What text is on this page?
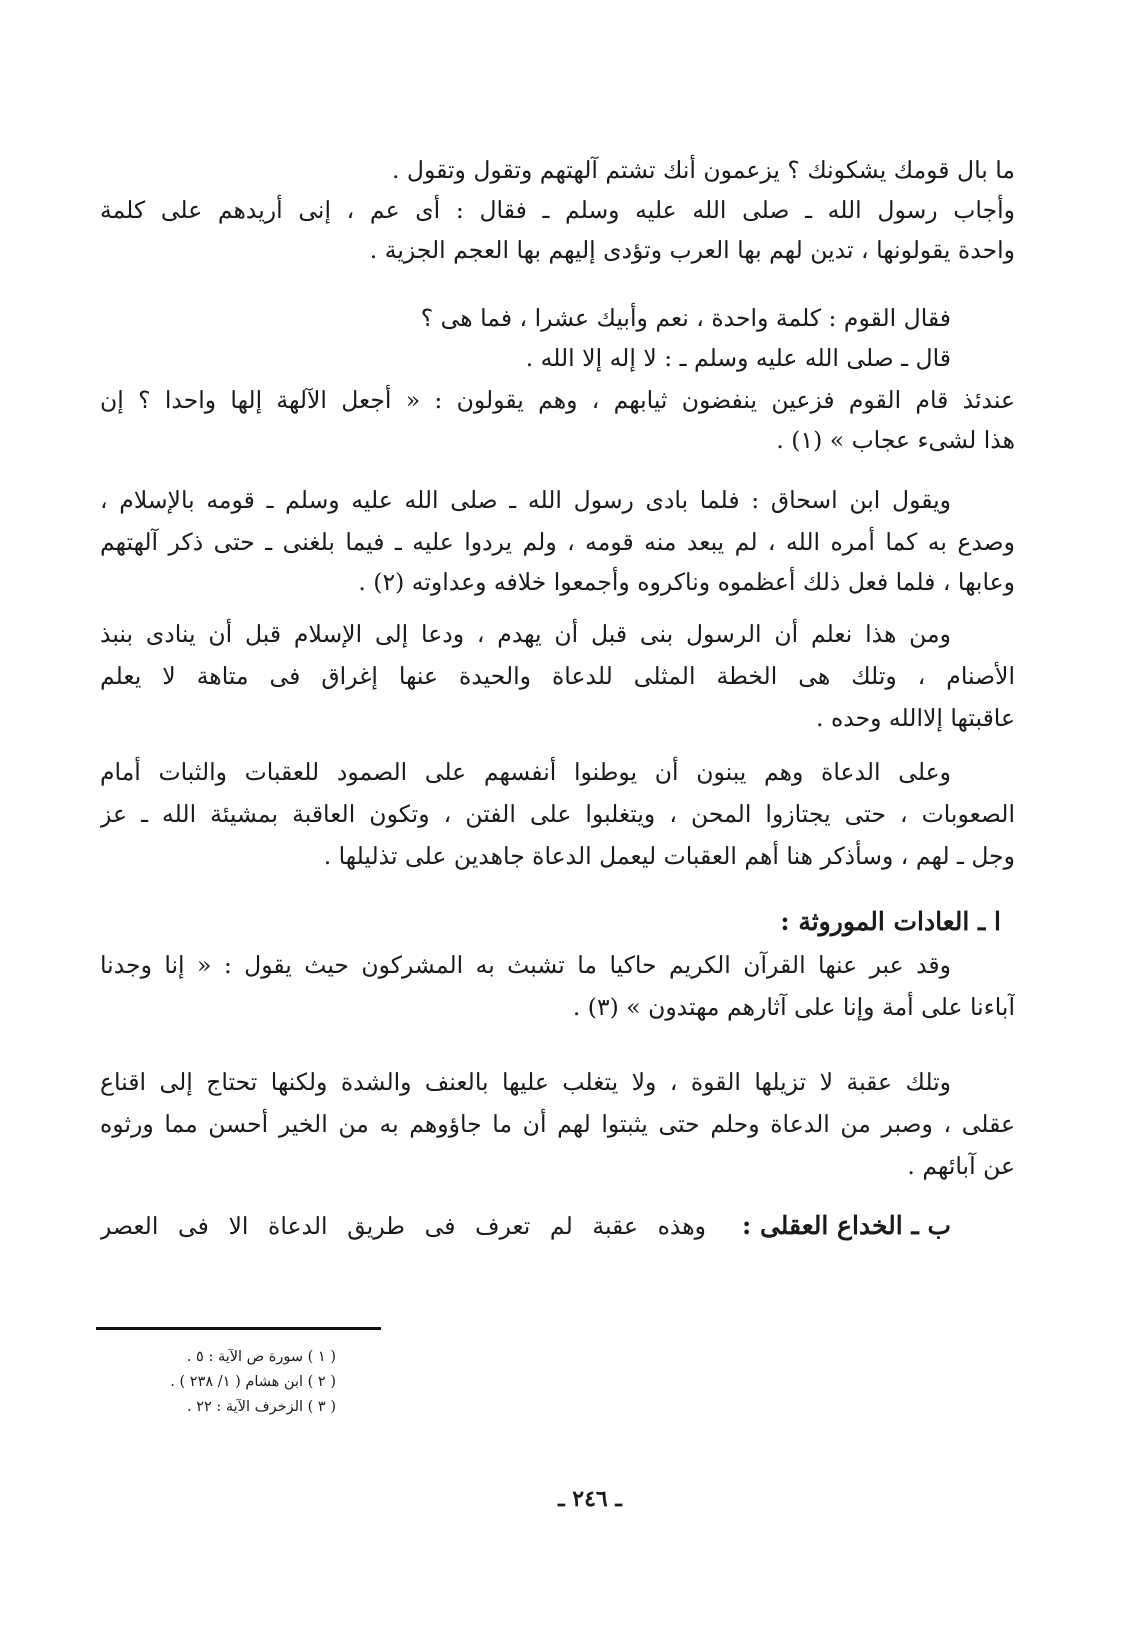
ما بال قومك يشكونك ؟ يزعمون أنك تشتم آلهتهم وتقول وتقول .
وأجاب رسول الله ـ صلى الله عليه وسلم ـ فقال : أى عم ، إنى أريدهم على كلمة
واحدة يقولونها ، تدين لهم بها العرب وتؤدى إليهم بها العجم الجزية .
فقال القوم : كلمة واحدة ، نعم وأبيك عشرا ، فما هى ؟
قال ـ صلى الله عليه وسلم ـ : لا إله إلا الله .
عندئذ قام القوم فزعين ينفضون ثيابهم ، وهم يقولون : « أجعل الآلهة إلها واحدا ؟ إن
هذا لشىء عجاب » (١) .
ويقول ابن اسحاق : فلما بادى رسول الله ـ صلى الله عليه وسلم ـ قومه بالإسلام ،
وصدع به كما أمره الله ، لم يبعد منه قومه ، ولم يردوا عليه ـ فيما بلغنى ـ حتى ذكر آلهتهم
وعابها ، فلما فعل ذلك أعظموه وناكروه وأجمعوا خلافه وعداوته (٢) .
ومن هذا نعلم أن الرسول بنى قبل أن يهدم ، ودعا إلى الإسلام قبل أن ينادى بنبذ
الأصنام ، وتلك هى الخطة المثلى للدعاة والحيدة عنها إغراق فى متاهة لا يعلم
عاقبتها إلاالله وحده .
وعلى الدعاة وهم يبنون أن يوطنوا أنفسهم على الصمود للعقبات والثبات أمام
الصعوبات ، حتى يجتازوا المحن ، ويتغلبوا على الفتن ، وتكون العاقبة بمشيئة الله ـ عز
وجل ـ لهم ، وسأذكر هنا أهم العقبات ليعمل الدعاة جاهدين على تذليلها .
ا ـ العادات الموروثة :
وقد عبر عنها القرآن الكريم حاكيا ما تشبث به المشركون حيث يقول : « إنا وجدنا
آباءنا على أمة وإنا على آثارهم مهتدون » (٣) .
وتلك عقبة لا تزيلها القوة ، ولا يتغلب عليها بالعنف والشدة ولكنها تحتاج إلى اقناع
عقلى ، وصبر من الدعاة وحلم حتى يثبتوا لهم أن ما جاؤوهم به من الخير أحسن مما ورثوه
عن آبائهم .
ب ـ الخداع العقلى :
وهذه عقبة لم تعرف فى طريق الدعاة الا فى العصر
( ١ ) سورة ص الآية : ٥ .
( ٢ ) ابن هشام ( ١/ ٢٣٨ ) .
( ٣ ) الزخرف الآية : ٢٢ .
ـ ٢٤٦ ـ
